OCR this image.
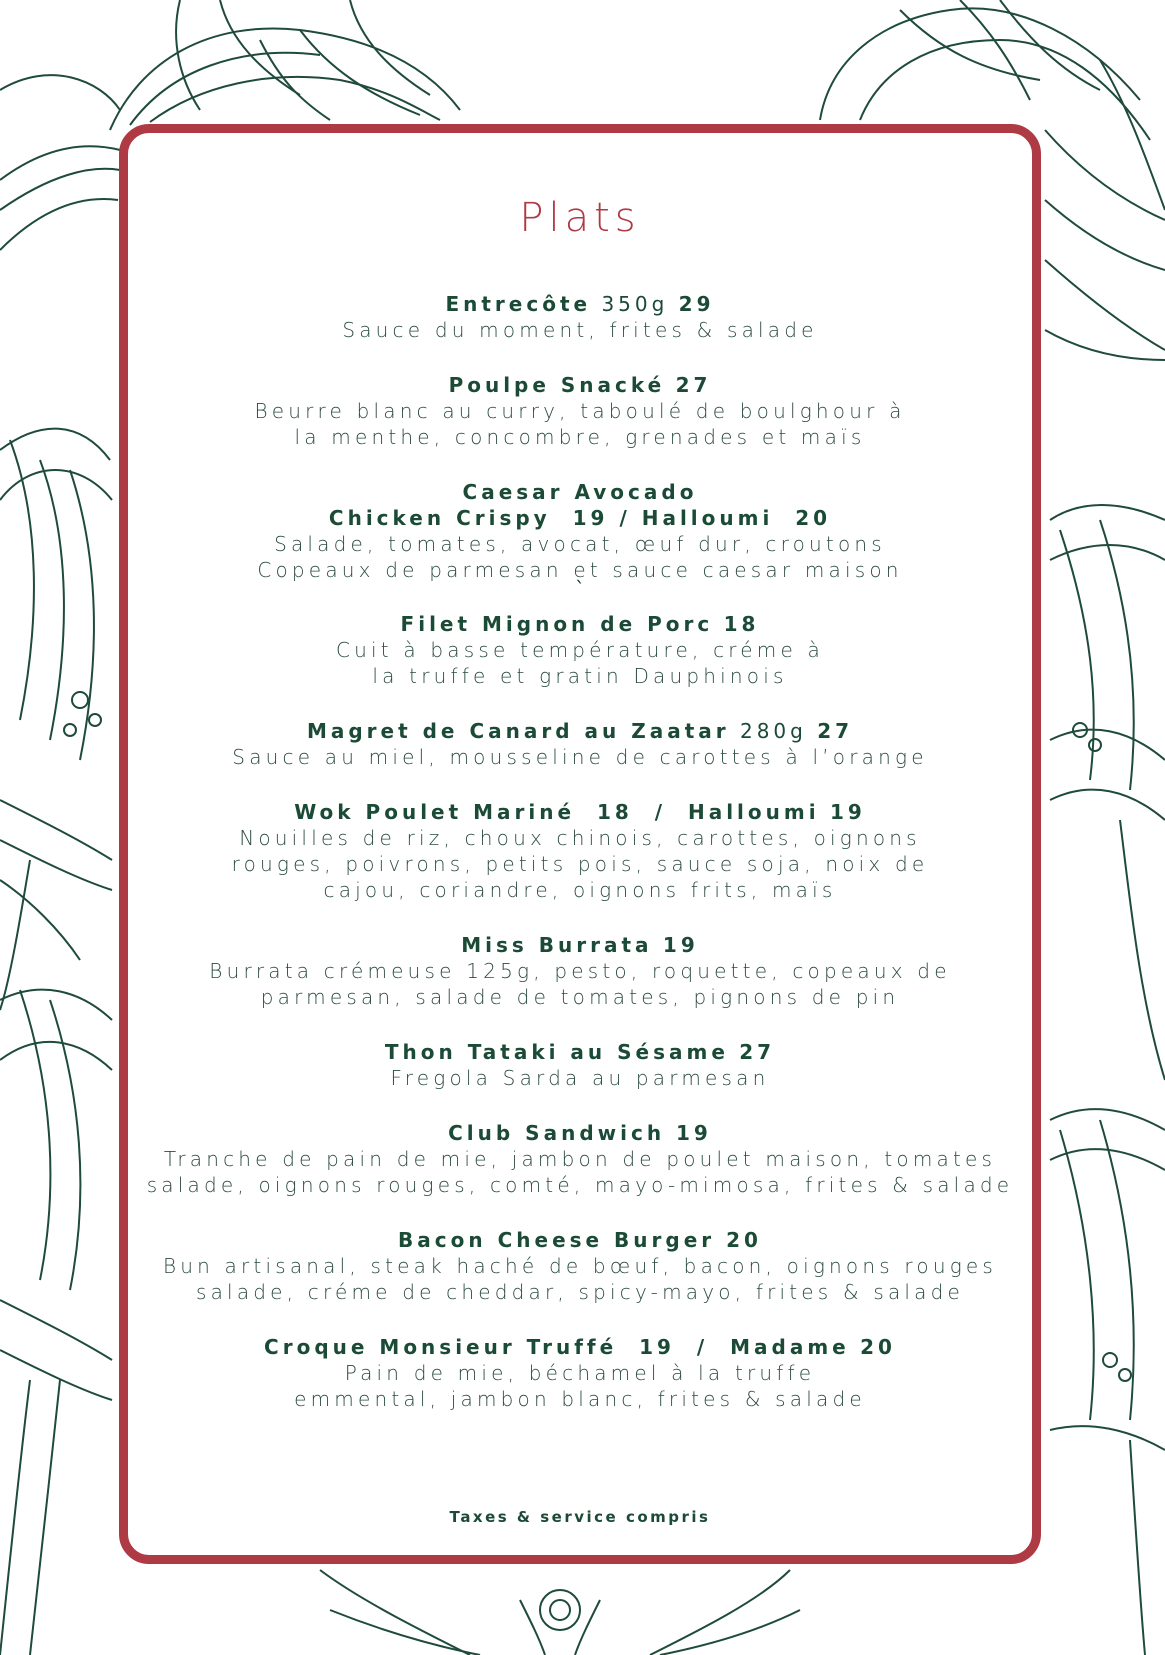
Plats
Entrecôte 350g 29
Sauce du moment, frites & salade
Poulpe Snacké 27
Beurre blanc au curry, taboulé de boulghour à
la menthe, concombre, grenades et maïs
Caesar Avocado
Chicken Crispy  19 / Halloumi  20
Salade, tomates, avocat, œuf dur, croutons
Copeaux de parmesan et sauce caesar maison
`
Filet Mignon de Porc 18
Cuit à basse température, créme à
la truffe et gratin Dauphinois
Magret de Canard au Zaatar 280g 27
Sauce au miel, mousseline de carottes à l’orange
Wok Poulet Mariné  18  /  Halloumi 19
Nouilles de riz, choux chinois, carottes, oignons
rouges, poivrons, petits pois, sauce soja, noix de
cajou, coriandre, oignons frits, maïs
Miss Burrata 19
Burrata crémeuse 125g, pesto, roquette, copeaux de
parmesan, salade de tomates, pignons de pin
Thon Tataki au Sésame 27
Fregola Sarda au parmesan
Club Sandwich 19
Tranche de pain de mie, jambon de poulet maison, tomates
salade, oignons rouges, comté, mayo-mimosa, frites & salade
Bacon Cheese Burger 20
Bun artisanal, steak haché de bœuf, bacon, oignons rouges
salade, créme de cheddar, spicy-mayo, frites & salade
Croque Monsieur Truffé  19  /  Madame 20
Pain de mie, béchamel à la truffe
emmental, jambon blanc, frites & salade
Taxes & service compris
